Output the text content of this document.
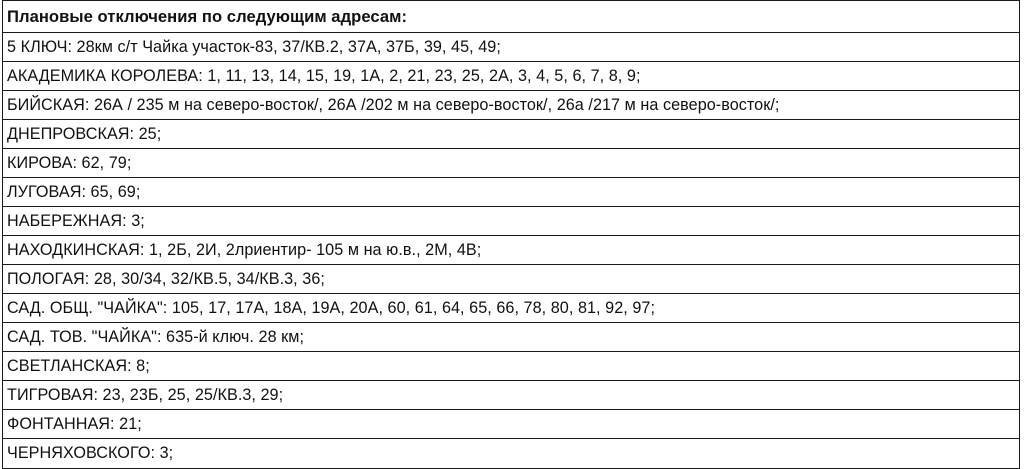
Плановые отключения по следующим адресам:
5 КЛЮЧ: 28км с/т Чайка участок-83, 37/КВ.2, 37А, 37Б, 39, 45, 49;
АКАДЕМИКА КОРОЛЕВА: 1, 11, 13, 14, 15, 19, 1А, 2, 21, 23, 25, 2А, 3, 4, 5, 6, 7, 8, 9;
БИЙСКАЯ: 26А / 235 м на северо-восток/, 26А /202 м на северо-восток/, 26а /217 м на северо-восток/;
ДНЕПРОВСКАЯ: 25;
КИРОВА: 62, 79;
ЛУГОВАЯ: 65, 69;
НАБЕРЕЖНАЯ: 3;
НАХОДКИНСКАЯ: 1, 2Б, 2И, 2лриентир- 105 м на ю.в., 2М, 4В;
ПОЛОГАЯ: 28, 30/34, 32/КВ.5, 34/КВ.3, 36;
САД. ОБЩ. "ЧАЙКА": 105, 17, 17А, 18А, 19А, 20А, 60, 61, 64, 65, 66, 78, 80, 81, 92, 97;
САД. ТОВ. "ЧАЙКА": 635-й ключ. 28 км;
СВЕТЛАНСКАЯ: 8;
ТИГРОВАЯ: 23, 23Б, 25, 25/КВ.3, 29;
ФОНТАННАЯ: 21;
ЧЕРНЯХОВСКОГО: 3;
